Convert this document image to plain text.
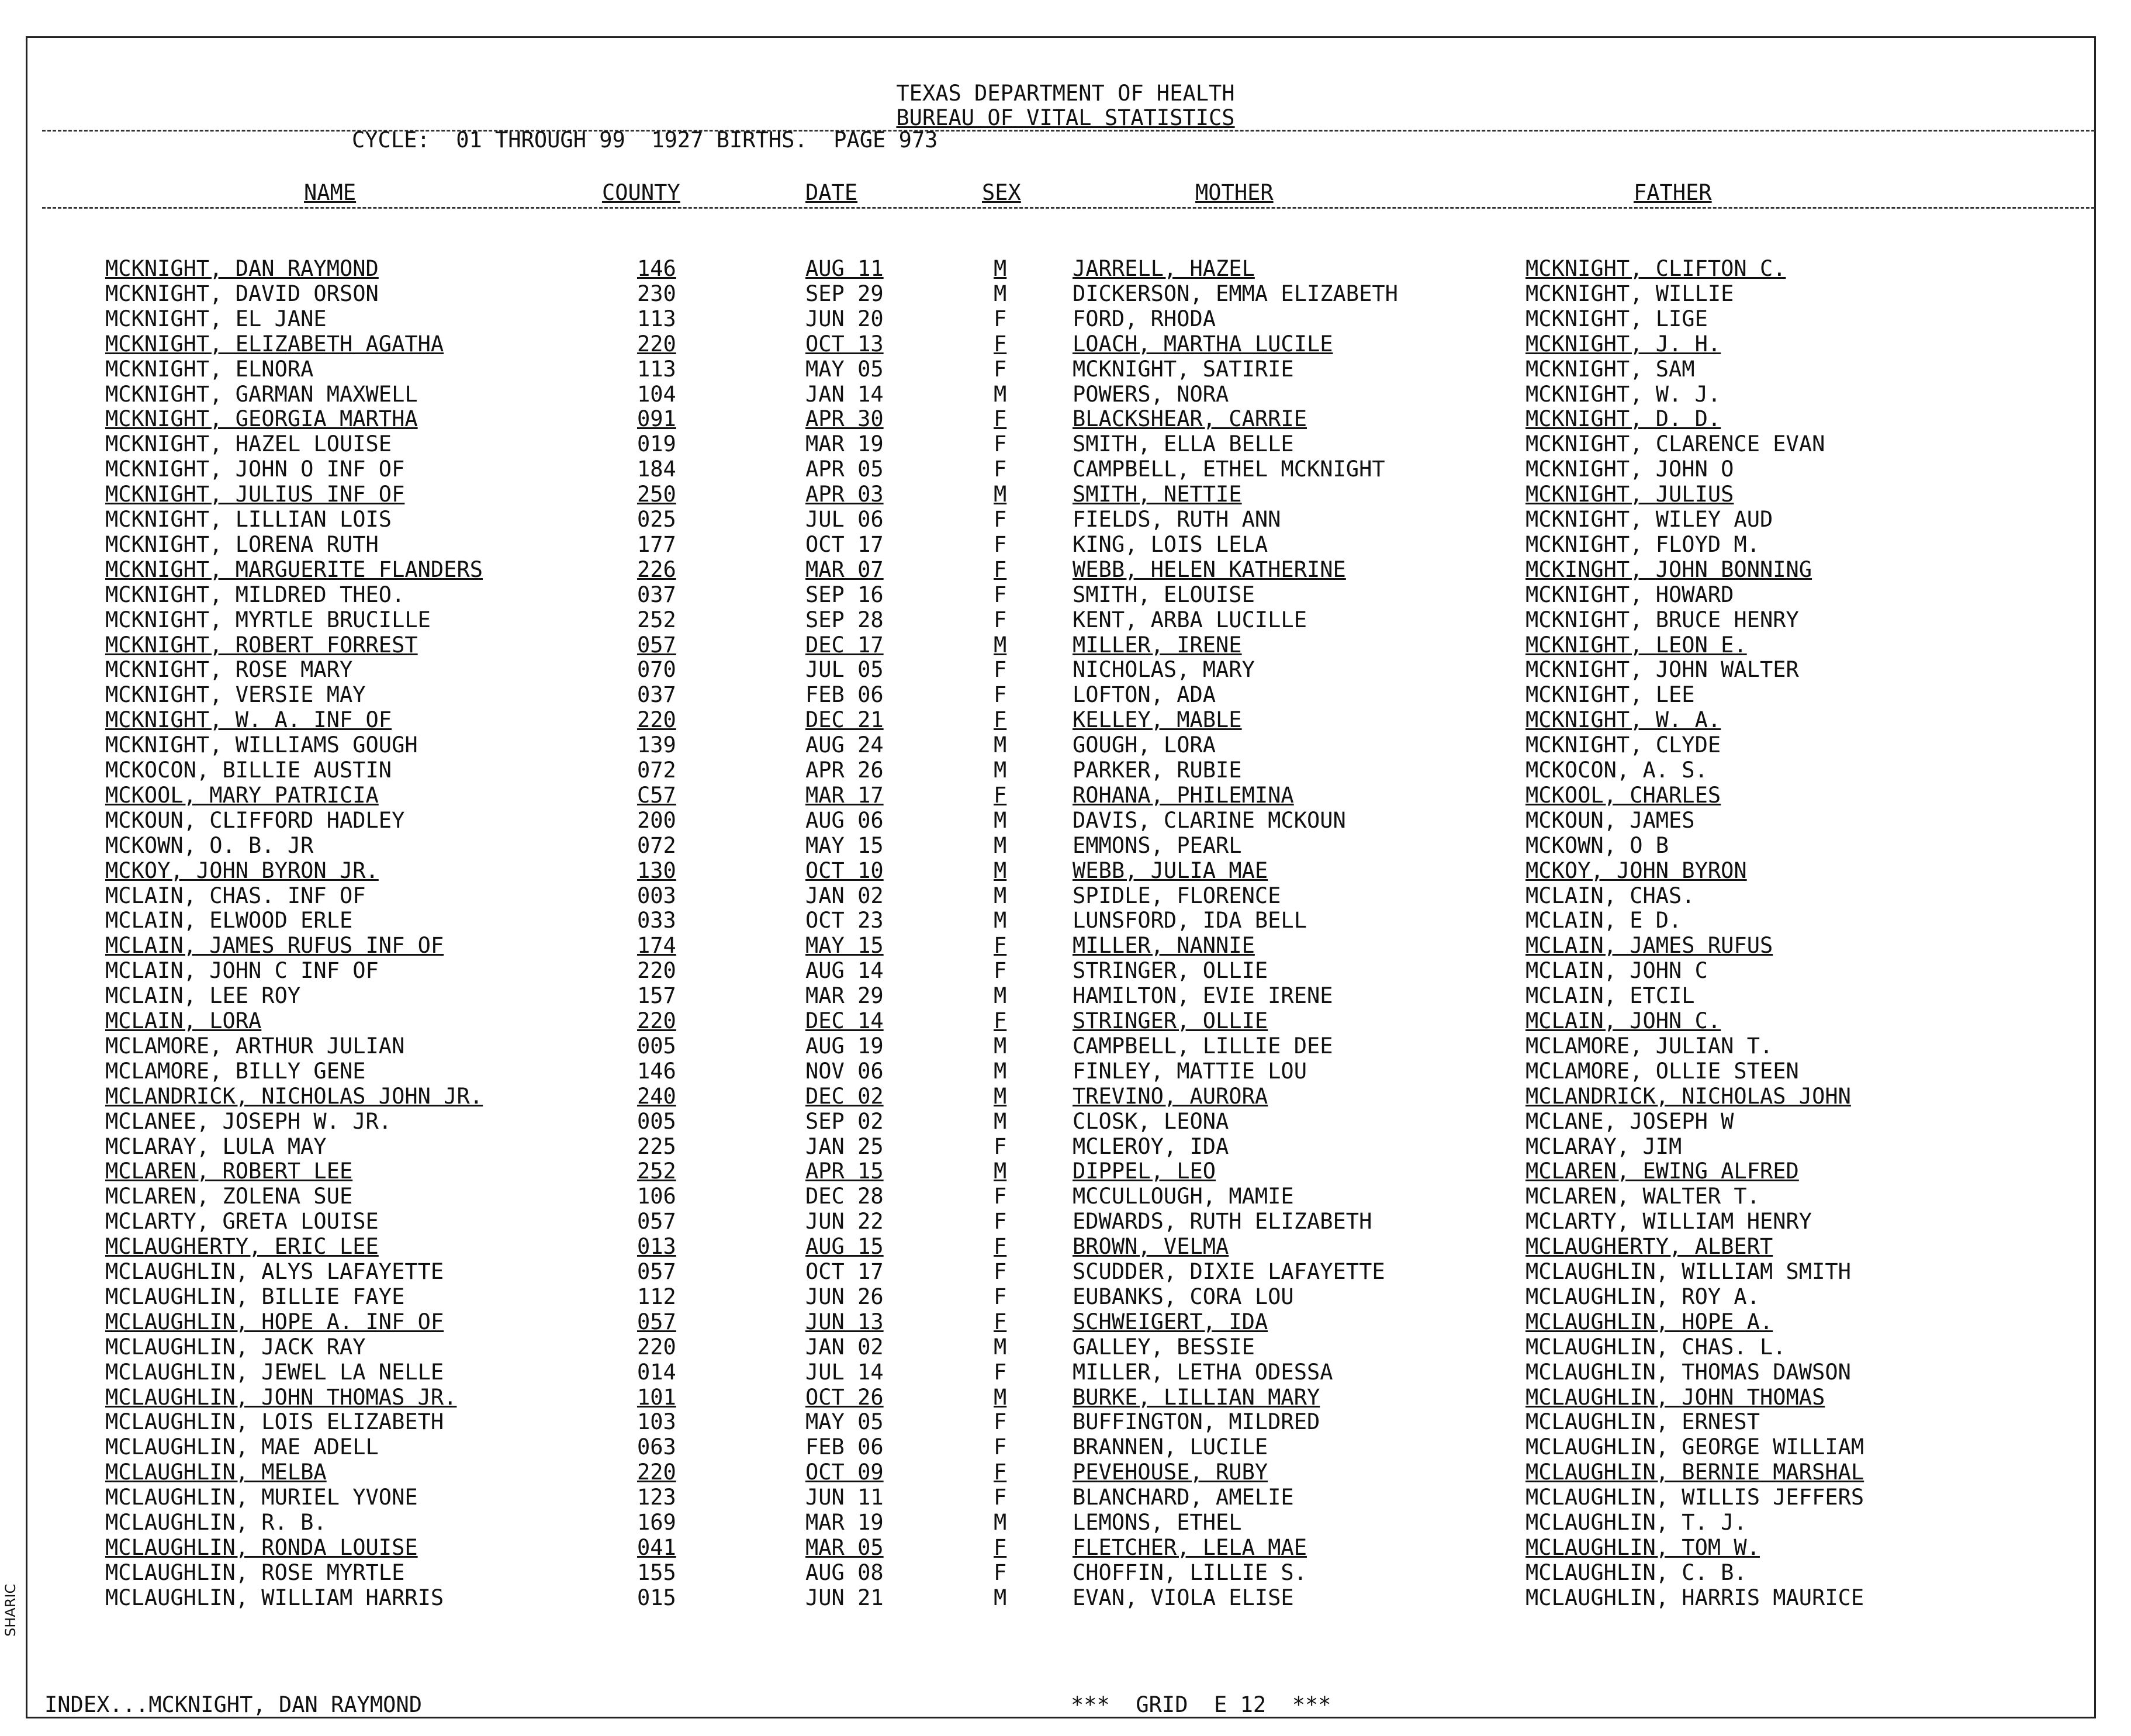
TEXAS DEPARTMENT OF HEALTH
BUREAU OF VITAL STATISTICS
CYCLE:  01 THROUGH 99  1927 BIRTHS.  PAGE 973
NAME	COUNTY	DATE	SEX	MOTHER	FATHER
MCKNIGHT, DAN RAYMOND	146	AUG 11	M	JARRELL, HAZEL	MCKNIGHT, CLIFTON C.
MCKNIGHT, DAVID ORSON	230	SEP 29	M	DICKERSON, EMMA ELIZABETH	MCKNIGHT, WILLIE
MCKNIGHT, EL JANE	113	JUN 20	F	FORD, RHODA	MCKNIGHT, LIGE
MCKNIGHT, ELIZABETH AGATHA	220	OCT 13	F	LOACH, MARTHA LUCILE	MCKNIGHT, J. H.
MCKNIGHT, ELNORA	113	MAY 05	F	MCKNIGHT, SATIRIE	MCKNIGHT, SAM
MCKNIGHT, GARMAN MAXWELL	104	JAN 14	M	POWERS, NORA	MCKNIGHT, W. J.
MCKNIGHT, GEORGIA MARTHA	091	APR 30	F	BLACKSHEAR, CARRIE	MCKNIGHT, D. D.
MCKNIGHT, HAZEL LOUISE	019	MAR 19	F	SMITH, ELLA BELLE	MCKNIGHT, CLARENCE EVAN
MCKNIGHT, JOHN O INF OF	184	APR 05	F	CAMPBELL, ETHEL MCKNIGHT	MCKNIGHT, JOHN O
MCKNIGHT, JULIUS INF OF	250	APR 03	M	SMITH, NETTIE	MCKNIGHT, JULIUS
MCKNIGHT, LILLIAN LOIS	025	JUL 06	F	FIELDS, RUTH ANN	MCKNIGHT, WILEY AUD
MCKNIGHT, LORENA RUTH	177	OCT 17	F	KING, LOIS LELA	MCKNIGHT, FLOYD M.
MCKNIGHT, MARGUERITE FLANDERS	226	MAR 07	F	WEBB, HELEN KATHERINE	MCKINGHT, JOHN BONNING
MCKNIGHT, MILDRED THEO.	037	SEP 16	F	SMITH, ELOUISE	MCKNIGHT, HOWARD
MCKNIGHT, MYRTLE BRUCILLE	252	SEP 28	F	KENT, ARBA LUCILLE	MCKNIGHT, BRUCE HENRY
MCKNIGHT, ROBERT FORREST	057	DEC 17	M	MILLER, IRENE	MCKNIGHT, LEON E.
MCKNIGHT, ROSE MARY	070	JUL 05	F	NICHOLAS, MARY	MCKNIGHT, JOHN WALTER
MCKNIGHT, VERSIE MAY	037	FEB 06	F	LOFTON, ADA	MCKNIGHT, LEE
MCKNIGHT, W. A. INF OF	220	DEC 21	F	KELLEY, MABLE	MCKNIGHT, W. A.
MCKNIGHT, WILLIAMS GOUGH	139	AUG 24	M	GOUGH, LORA	MCKNIGHT, CLYDE
MCKOCON, BILLIE AUSTIN	072	APR 26	M	PARKER, RUBIE	MCKOCON, A. S.
MCKOOL, MARY PATRICIA	C57	MAR 17	F	ROHANA, PHILEMINA	MCKOOL, CHARLES
MCKOUN, CLIFFORD HADLEY	200	AUG 06	M	DAVIS, CLARINE MCKOUN	MCKOUN, JAMES
MCKOWN, O. B. JR	072	MAY 15	M	EMMONS, PEARL	MCKOWN, O B
MCKOY, JOHN BYRON JR.	130	OCT 10	M	WEBB, JULIA MAE	MCKOY, JOHN BYRON
MCLAIN, CHAS. INF OF	003	JAN 02	M	SPIDLE, FLORENCE	MCLAIN, CHAS.
MCLAIN, ELWOOD ERLE	033	OCT 23	M	LUNSFORD, IDA BELL	MCLAIN, E D.
MCLAIN, JAMES RUFUS INF OF	174	MAY 15	F	MILLER, NANNIE	MCLAIN, JAMES RUFUS
MCLAIN, JOHN C INF OF	220	AUG 14	F	STRINGER, OLLIE	MCLAIN, JOHN C
MCLAIN, LEE ROY	157	MAR 29	M	HAMILTON, EVIE IRENE	MCLAIN, ETCIL
MCLAIN, LORA	220	DEC 14	F	STRINGER, OLLIE	MCLAIN, JOHN C.
MCLAMORE, ARTHUR JULIAN	005	AUG 19	M	CAMPBELL, LILLIE DEE	MCLAMORE, JULIAN T.
MCLAMORE, BILLY GENE	146	NOV 06	M	FINLEY, MATTIE LOU	MCLAMORE, OLLIE STEEN
MCLANDRICK, NICHOLAS JOHN JR.	240	DEC 02	M	TREVINO, AURORA	MCLANDRICK, NICHOLAS JOHN
MCLANEE, JOSEPH W. JR.	005	SEP 02	M	CLOSK, LEONA	MCLANE, JOSEPH W
MCLARAY, LULA MAY	225	JAN 25	F	MCLEROY, IDA	MCLARAY, JIM
MCLAREN, ROBERT LEE	252	APR 15	M	DIPPEL, LEO	MCLAREN, EWING ALFRED
MCLAREN, ZOLENA SUE	106	DEC 28	F	MCCULLOUGH, MAMIE	MCLAREN, WALTER T.
MCLARTY, GRETA LOUISE	057	JUN 22	F	EDWARDS, RUTH ELIZABETH	MCLARTY, WILLIAM HENRY
MCLAUGHERTY, ERIC LEE	013	AUG 15	F	BROWN, VELMA	MCLAUGHERTY, ALBERT
MCLAUGHLIN, ALYS LAFAYETTE	057	OCT 17	F	SCUDDER, DIXIE LAFAYETTE	MCLAUGHLIN, WILLIAM SMITH
MCLAUGHLIN, BILLIE FAYE	112	JUN 26	F	EUBANKS, CORA LOU	MCLAUGHLIN, ROY A.
MCLAUGHLIN, HOPE A. INF OF	057	JUN 13	F	SCHWEIGERT, IDA	MCLAUGHLIN, HOPE A.
MCLAUGHLIN, JACK RAY	220	JAN 02	M	GALLEY, BESSIE	MCLAUGHLIN, CHAS. L.
MCLAUGHLIN, JEWEL LA NELLE	014	JUL 14	F	MILLER, LETHA ODESSA	MCLAUGHLIN, THOMAS DAWSON
MCLAUGHLIN, JOHN THOMAS JR.	101	OCT 26	M	BURKE, LILLIAN MARY	MCLAUGHLIN, JOHN THOMAS
MCLAUGHLIN, LOIS ELIZABETH	103	MAY 05	F	BUFFINGTON, MILDRED	MCLAUGHLIN, ERNEST
MCLAUGHLIN, MAE ADELL	063	FEB 06	F	BRANNEN, LUCILE	MCLAUGHLIN, GEORGE WILLIAM
MCLAUGHLIN, MELBA	220	OCT 09	F	PEVEHOUSE, RUBY	MCLAUGHLIN, BERNIE MARSHAL
MCLAUGHLIN, MURIEL YVONE	123	JUN 11	F	BLANCHARD, AMELIE	MCLAUGHLIN, WILLIS JEFFERS
MCLAUGHLIN, R. B.	169	MAR 19	M	LEMONS, ETHEL	MCLAUGHLIN, T. J.
MCLAUGHLIN, RONDA LOUISE	041	MAR 05	F	FLETCHER, LELA MAE	MCLAUGHLIN, TOM W.
MCLAUGHLIN, ROSE MYRTLE	155	AUG 08	F	CHOFFIN, LILLIE S.	MCLAUGHLIN, C. B.
MCLAUGHLIN, WILLIAM HARRIS	015	JUN 21	M	EVAN, VIOLA ELISE	MCLAUGHLIN, HARRIS MAURICE
INDEX...MCKNIGHT, DAN RAYMOND	***  GRID  E 12  ***
SHARIC
